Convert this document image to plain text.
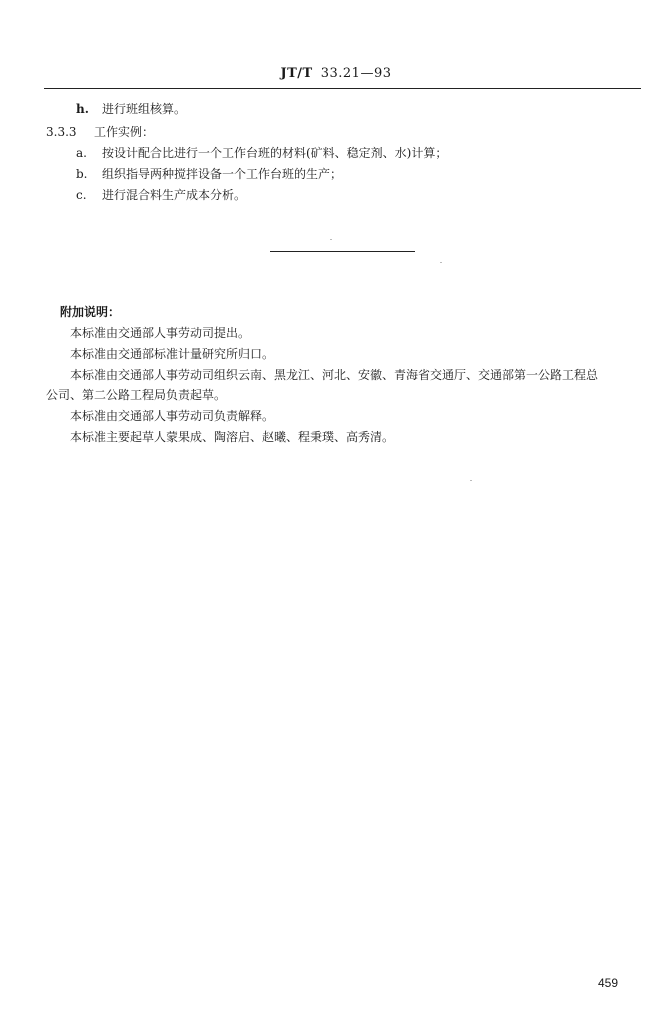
JT/T 33.21—93
h. 进行班组核算。
3.3.3 工作实例：
a. 按设计配合比进行一个工作台班的材料(矿料、稳定剂、水)计算；
b. 组织指导两种搅拌设备一个工作台班的生产；
c. 进行混合料生产成本分析。
附加说明：
本标准由交通部人事劳动司提出。
本标准由交通部标准计量研究所归口。
本标准由交通部人事劳动司组织云南、黑龙江、河北、安徽、青海省交通厅、交通部第一公路工程总
公司、第二公路工程局负责起草。
本标准由交通部人事劳动司负责解释。
本标准主要起草人蒙果成、陶溶启、赵曦、程秉璞、高秀清。
459
